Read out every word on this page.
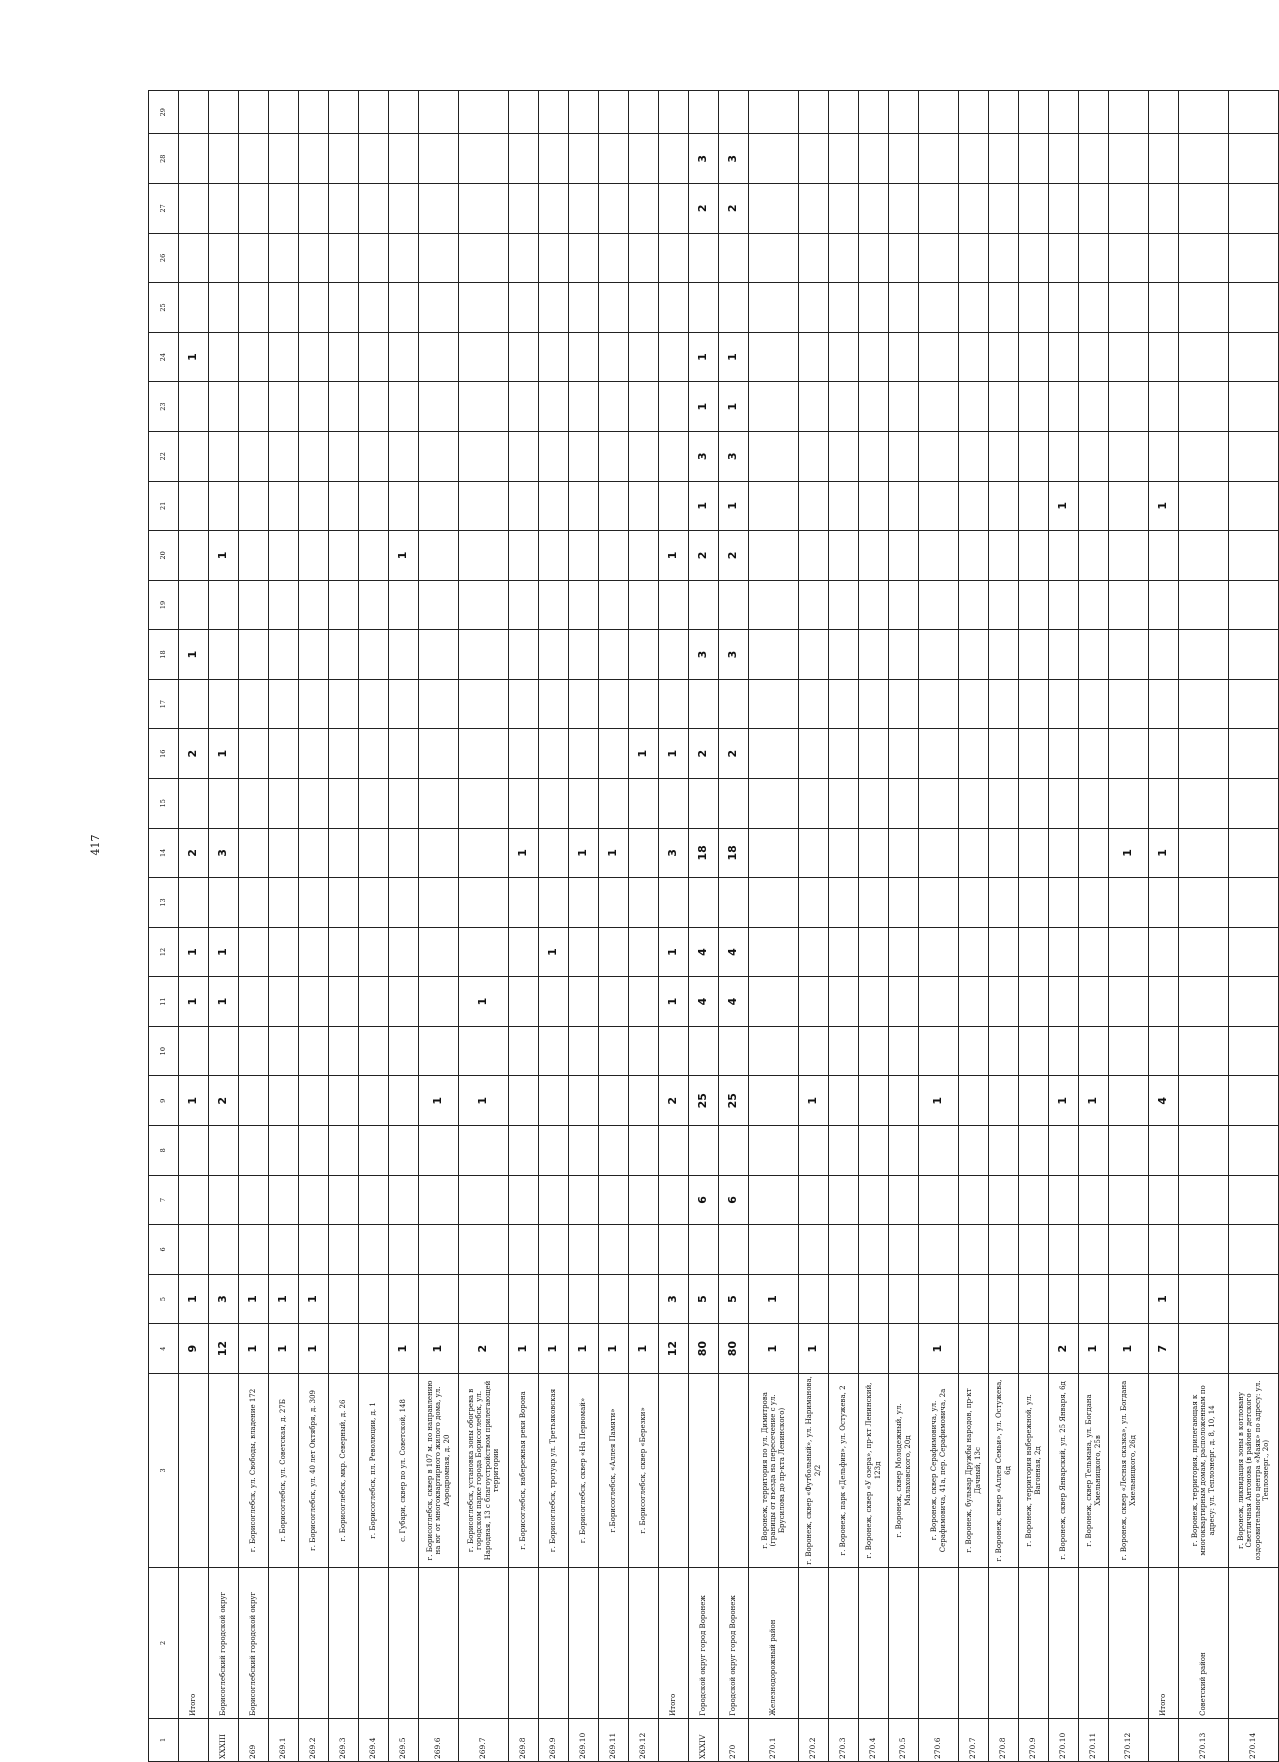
417
1	2	3	4	5	6	7	8	9	10	11	12	13	14	15	16	17	18	19	20	21	22	23	24	25	26	27	28	29
	Итого		9	1				1		1	1		2		2		1						1					
XXXIII	Борисоглебский городской округ		12	3				2		1	1		3		1				1									
269	Борисоглебский городской округ	г. Борисоглебск, ул. Свободы, владение 172	1	1																								
269.1		г. Борисоглебск, ул. Советская, д. 27Б	1	1																								
269.2		г. Борисоглебск, ул. 40 лет Октября, д. 309	1	1																								
269.3		г. Борисоглебск, мкр. Северный, д. 26																										
269.4		г. Борисоглебск, пл. Революции, д. 1																										
269.5		с. Губари, сквер по ул. Советской, 148	1																1									
269.6		г. Борисоглебск, сквер в 107 м. по направлению на юг от многоквартирного жилого дома, ул. Аэродромная, д. 20	1					1																				
269.7		г. Борисоглебск, установка зоны обогрева в городском парке города Борисоглебск, ул. Народная, 13 с благоустройством прилегающей территории	2					1		1																		
269.8		г. Борисоглебск, набережная реки Ворона	1										1															
269.9		г. Борисоглебск, тротуар ул. Третьяковская	1								1																	
269.10		г. Борисоглебск, сквер «На Первомай»	1										1															
269.11		г.Борисоглебск, «Аллея Памяти»	1										1															
269.12		г. Борисоглебск, сквер «Березки»	1												1													
	Итого		12	3				2		1	1		3		1				1									
XXXIV	Городской округ город Воронеж		80	5		6		25		4	4		18		2		3		2	1	3	1	1			2	3	
270	Городской округ город Воронеж		80	5		6		25		4	4		18		2		3		2	1	3	1	1			2	3	
270.1	Железнодорожный район	г. Воронеж, территория по ул. Димитрова (границы от въезда на пересечение с ул. Брусилова до пр-кта Ленинского)	1	1																								
270.2		г. Воронеж, сквер «Футбольный», ул. Нариманова, 2/2	1					1																				
270.3		г. Воронеж, парк «Дельфин», ул. Остужева, 2																										
270.4		г. Воронеж, сквер «У озера», пр-кт Ленинский, 123д																										
270.5		г. Воронеж, сквер Молодежный, ул. Малаховского, 20д																										
270.6		г. Воронеж, сквер Серафимовича, ул. Серафимовича, 41а, пер. Серафимовича, 2а	1					1																				
270.7		г. Воронеж, бульвар Дружбы народов, пр-кт Дачный, 13с																										
270.8		г. Воронеж, сквер «Аллея Семьи», ул. Остужева, 6д																										
270.9		г. Воронеж, территория набережной, ул. Вагонная, 2д																										
270.10		г. Воронеж, сквер Январский, ул. 25 Января, 6д	2					1												1								
270.11		г. Воронеж, сквер Тельмана, ул. Богдана Хмельницкого, 25в	1					1																				
270.12		г. Воронеж, сквер «Лесная сказка», ул. Богдана Хмельницкого, 26д	1										1															
	Итого		7	1				4					1							1								
270.13	Советский район	г. Воронеж, территория, прилегающая к многоквартирным домам, расположенным по адресу: ул. Теплоэнерг. д. 8, 10, 14																										
270.14		г. Воронеж, ликвидация зоны в котловану Светличная Антонова (в районе детского оздоровительного центра «Маяк» по адресу: ул. Теплоэнерг., 2о)																										
